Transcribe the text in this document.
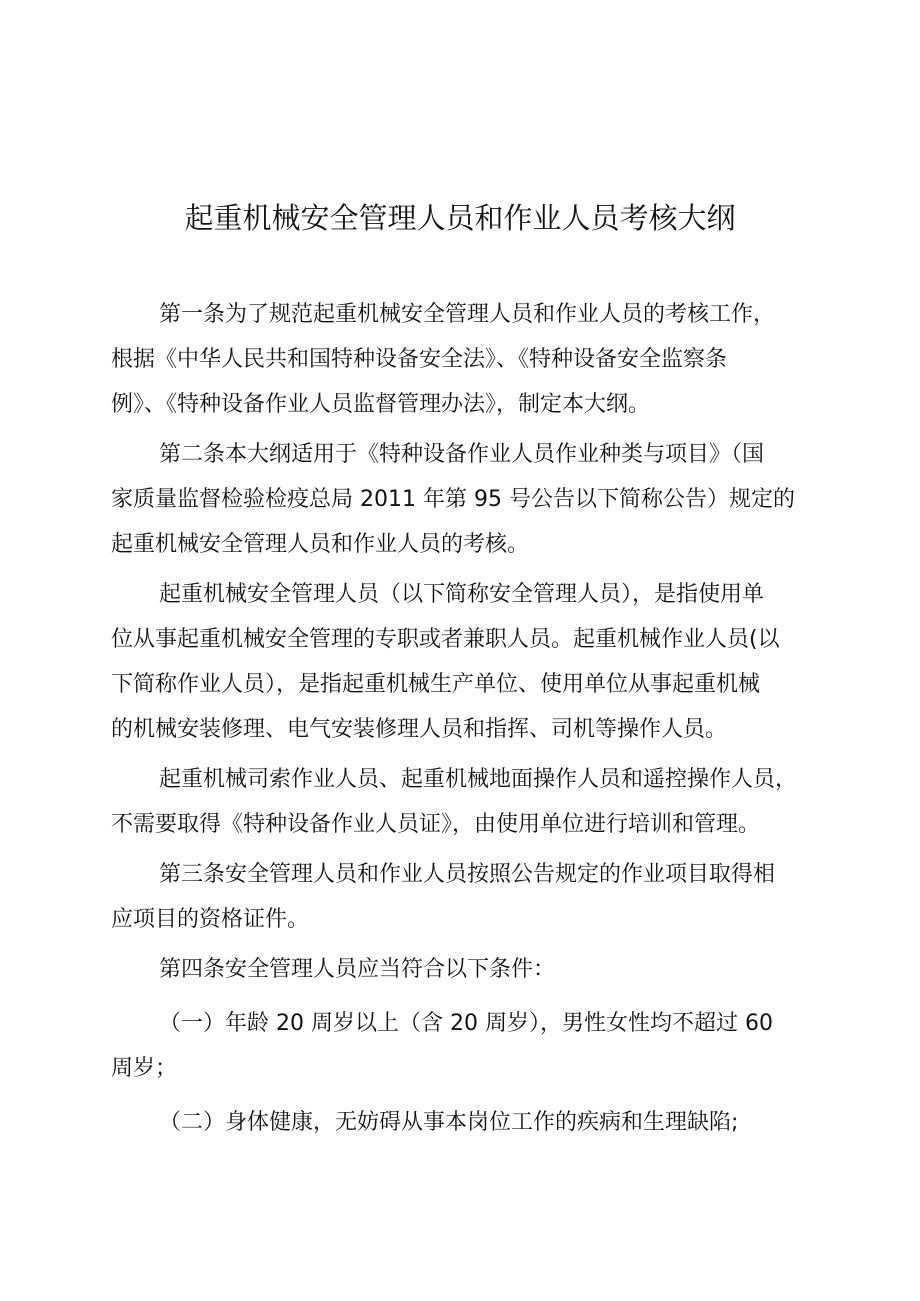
起重机械安全管理人员和作业人员考核大纲
第一条为了规范起重机械安全管理人员和作业人员的考核工作，
根据《中华人民共和国特种设备安全法》、《特种设备安全监察条
例》、《特种设备作业人员监督管理办法》，制定本大纲。
第二条本大纲适用于《特种设备作业人员作业种类与项目》（国
家质量监督检验检疫总局 2011 年第 95 号公告以下简称公告）规定的
起重机械安全管理人员和作业人员的考核。
起重机械安全管理人员（以下简称安全管理人员），是指使用单
位从事起重机械安全管理的专职或者兼职人员。起重机械作业人员(以
下简称作业人员），是指起重机械生产单位、使用单位从事起重机械
的机械安装修理、电气安装修理人员和指挥、司机等操作人员。
起重机械司索作业人员、起重机械地面操作人员和遥控操作人员，
不需要取得《特种设备作业人员证》，由使用单位进行培训和管理。
第三条安全管理人员和作业人员按照公告规定的作业项目取得相
应项目的资格证件。
第四条安全管理人员应当符合以下条件：
（一）年龄 20 周岁以上（含 20 周岁），男性女性均不超过 60
周岁；
（二）身体健康，无妨碍从事本岗位工作的疾病和生理缺陷;
